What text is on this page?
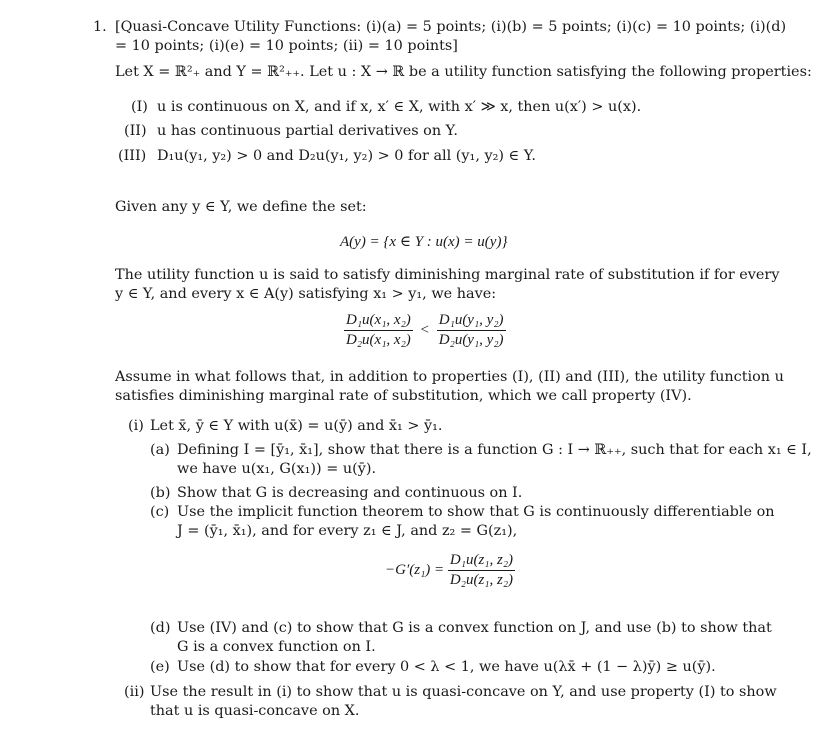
1. [Quasi-Concave Utility Functions: (i)(a) = 5 points; (i)(b) = 5 points; (i)(c) = 10 points; (i)(d)
= 10 points; (i)(e) = 10 points; (ii) = 10 points]
Let X = ℝ²₊ and Y = ℝ²₊₊. Let u : X → ℝ be a utility function satisfying the following properties:
(I) u is continuous on X, and if x, x′ ∈ X, with x′ ≫ x, then u(x′) > u(x).
(II) u has continuous partial derivatives on Y.
(III) D₁u(y₁, y₂) > 0 and D₂u(y₁, y₂) > 0 for all (y₁, y₂) ∈ Y.
Given any y ∈ Y, we define the set:
A(y) = {x ∈ Y : u(x) = u(y)}
The utility function u is said to satisfy diminishing marginal rate of substitution if for every
y ∈ Y, and every x ∈ A(y) satisfying x₁ > y₁, we have:
$\frac{\text{D₁u(x₁, x₂)}}{\text{D₂u(x₁, x₂)}} < \frac{\text{D₁u(y₁, y₂)}}{\text{D₂u(y₁, y₂)}}$
Assume in what follows that, in addition to properties (I), (II) and (III), the utility function u
satisfies diminishing marginal rate of substitution, which we call property (IV).
(i) Let x̄, ȳ ∈ Y with u(x̄) = u(ȳ) and x̄₁ > ȳ₁.
(a) Defining I = [ȳ₁, x̄₁], show that there is a function G : I → ℝ₊₊, such that for each x₁ ∈ I,
we have u(x₁, G(x₁)) = u(ȳ).
(b) Show that G is decreasing and continuous on I.
(c) Use the implicit function theorem to show that G is continuously differentiable on
J = (ȳ₁, x̄₁), and for every z₁ ∈ J, and z₂ = G(z₁),
$-G'(z_1) = \frac{\text{D₁u(z₁, z₂)}}{\text{D₂u(z₁, z₂)}}$
(d) Use (IV) and (c) to show that G is a convex function on J, and use (b) to show that
G is a convex function on I.
(e) Use (d) to show that for every 0 < λ < 1, we have u(λx̄ + (1 − λ)ȳ) ≥ u(ȳ).
(ii) Use the result in (i) to show that u is quasi-concave on Y, and use property (I) to show
that u is quasi-concave on X.
